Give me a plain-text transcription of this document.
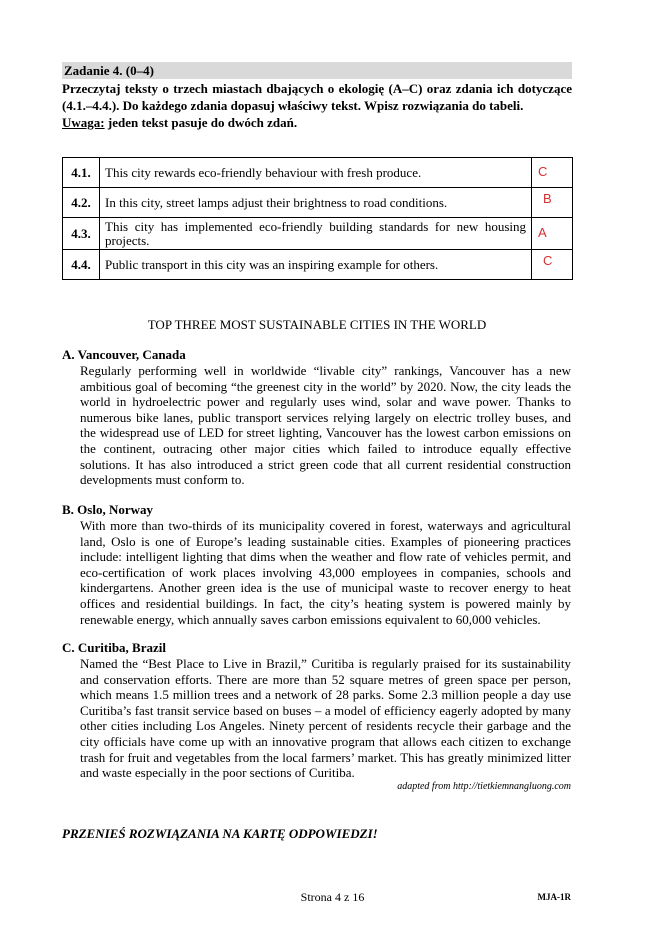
Zadanie 4. (0–4)
Przeczytaj teksty o trzech miastach dbających o ekologię (A–C) oraz zdania ich dotyczące (4.1.–4.4.). Do każdego zdania dopasuj właściwy tekst. Wpisz rozwiązania do tabeli.
Uwaga: jeden tekst pasuje do dwóch zdań.
4.1.	This city rewards eco-friendly behaviour with fresh produce.	C
4.2.	In this city, street lamps adjust their brightness to road conditions.	B
4.3.	This city has implemented eco-friendly building standards for new housing projects.	A
4.4.	Public transport in this city was an inspiring example for others.	C
TOP THREE MOST SUSTAINABLE CITIES IN THE WORLD
A. Vancouver, Canada
Regularly performing well in worldwide “livable city” rankings, Vancouver has a new ambitious goal of becoming “the greenest city in the world” by 2020. Now, the city leads the world in hydroelectric power and regularly uses wind, solar and wave power. Thanks to numerous bike lanes, public transport services relying largely on electric trolley buses, and the widespread use of LED for street lighting, Vancouver has the lowest carbon emissions on the continent, outracing other major cities which failed to introduce equally effective solutions. It has also introduced a strict green code that all current residential construction developments must conform to.
B. Oslo, Norway
With more than two-thirds of its municipality covered in forest, waterways and agricultural land, Oslo is one of Europe’s leading sustainable cities. Examples of pioneering practices include: intelligent lighting that dims when the weather and flow rate of vehicles permit, and eco-certification of work places involving 43,000 employees in companies, schools and kindergartens. Another green idea is the use of municipal waste to recover energy to heat offices and residential buildings. In fact, the city’s heating system is powered mainly by renewable energy, which annually saves carbon emissions equivalent to 60,000 vehicles.
C. Curitiba, Brazil
Named the “Best Place to Live in Brazil,” Curitiba is regularly praised for its sustainability and conservation efforts. There are more than 52 square metres of green space per person, which means 1.5 million trees and a network of 28 parks. Some 2.3 million people a day use Curitiba’s fast transit service based on buses – a model of efficiency eagerly adopted by many other cities including Los Angeles. Ninety percent of residents recycle their garbage and the city officials have come up with an innovative program that allows each citizen to exchange trash for fruit and vegetables from the local farmers’ market. This has greatly minimized litter and waste especially in the poor sections of Curitiba.
adapted from http://tietkiemnangluong.com
PRZENIEŚ ROZWIĄZANIA NA KARTĘ ODPOWIEDZI!
Strona 4 z 16	MJA-1R
